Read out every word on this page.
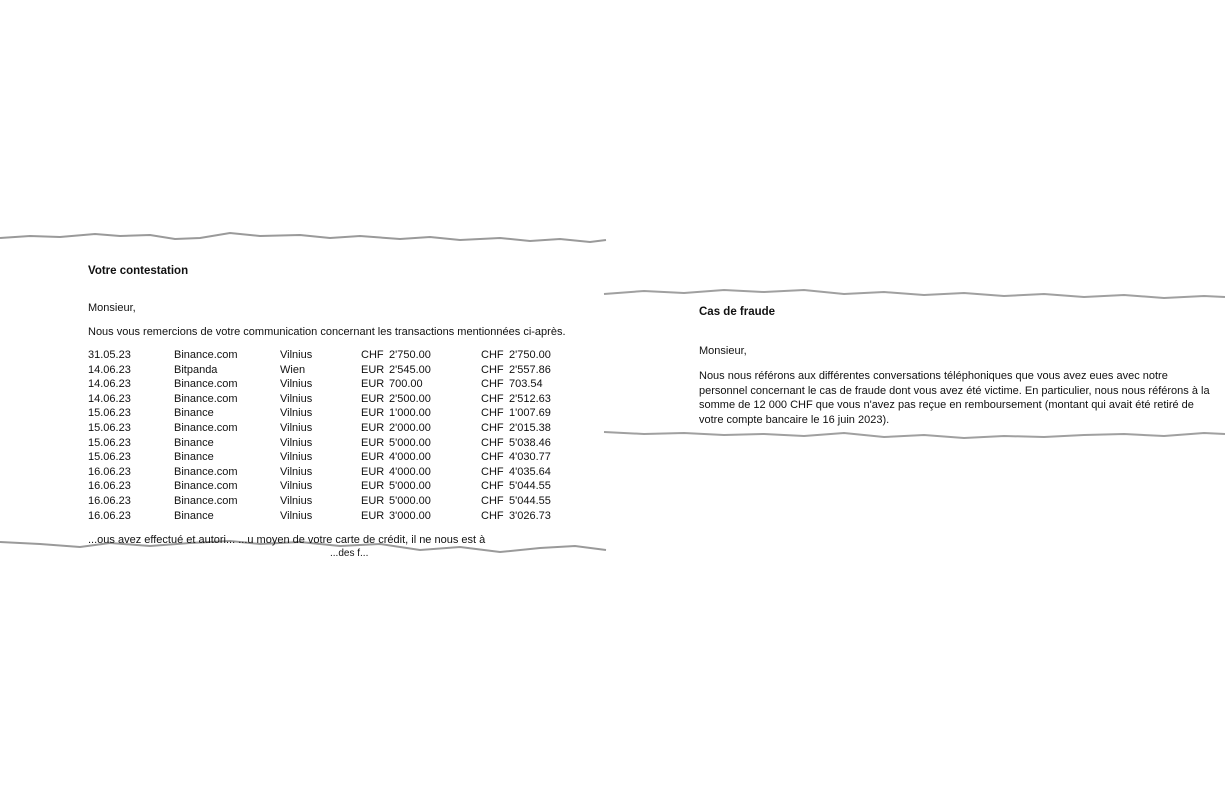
Votre contestation
Monsieur,
Nous vous remercions de votre communication concernant les transactions mentionnées ci-après.
31.05.23	Binance.com	Vilnius	CHF	2'750.00	CHF	2'750.00
14.06.23	Bitpanda	Wien	EUR	2'545.00	CHF	2'557.86
14.06.23	Binance.com	Vilnius	EUR	700.00	CHF	703.54
14.06.23	Binance.com	Vilnius	EUR	2'500.00	CHF	2'512.63
15.06.23	Binance	Vilnius	EUR	1'000.00	CHF	1'007.69
15.06.23	Binance.com	Vilnius	EUR	2'000.00	CHF	2'015.38
15.06.23	Binance	Vilnius	EUR	5'000.00	CHF	5'038.46
15.06.23	Binance	Vilnius	EUR	4'000.00	CHF	4'030.77
16.06.23	Binance.com	Vilnius	EUR	4'000.00	CHF	4'035.64
16.06.23	Binance.com	Vilnius	EUR	5'000.00	CHF	5'044.55
16.06.23	Binance.com	Vilnius	EUR	5'000.00	CHF	5'044.55
16.06.23	Binance	Vilnius	EUR	3'000.00	CHF	3'026.73
...ous avez effectué et autori... ...u moyen de votre carte de crédit, il ne nous est à
...des f...
Cas de fraude
Monsieur,
Nous nous référons aux différentes conversations téléphoniques que vous avez eues avec notre
personnel concernant le cas de fraude dont vous avez été victime. En particulier, nous nous référons à la
somme de 12 000 CHF que vous n'avez pas reçue en remboursement (montant qui avait été retiré de
votre compte bancaire le 16 juin 2023).
